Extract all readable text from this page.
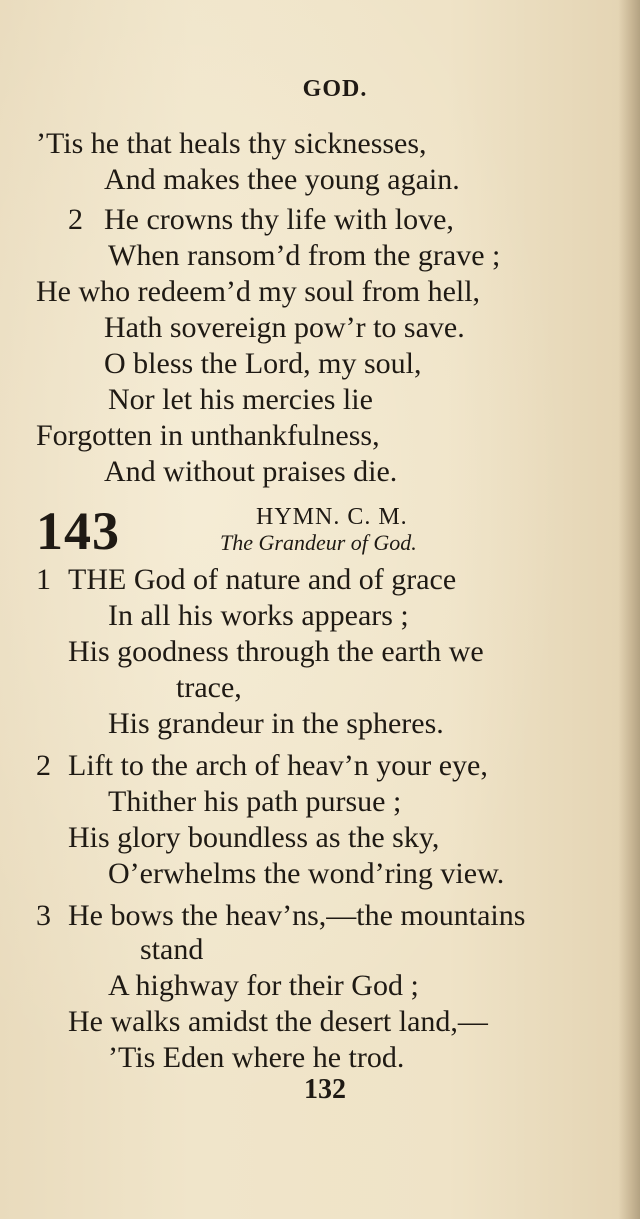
GOD.
’Tis he that heals thy sicknesses,
And makes thee young again.
2 He crowns thy life with love,
When ransom’d from the grave ;
He who redeem’d my soul from hell,
Hath sovereign pow’r to save.
O bless the Lord, my soul,
Nor let his mercies lie
Forgotten in unthankfulness,
And without praises die.
143	HYMN. C. M.
The Grandeur of God.
1 THE God of nature and of grace
In all his works appears ;
His goodness through the earth we
trace,
His grandeur in the spheres.
2 Lift to the arch of heav’n your eye,
Thither his path pursue ;
His glory boundless as the sky,
O’erwhelms the wond’ring view.
3 He bows the heav’ns,—the mountains
stand
A highway for their God ;
He walks amidst the desert land,—
’Tis Eden where he trod.
132
